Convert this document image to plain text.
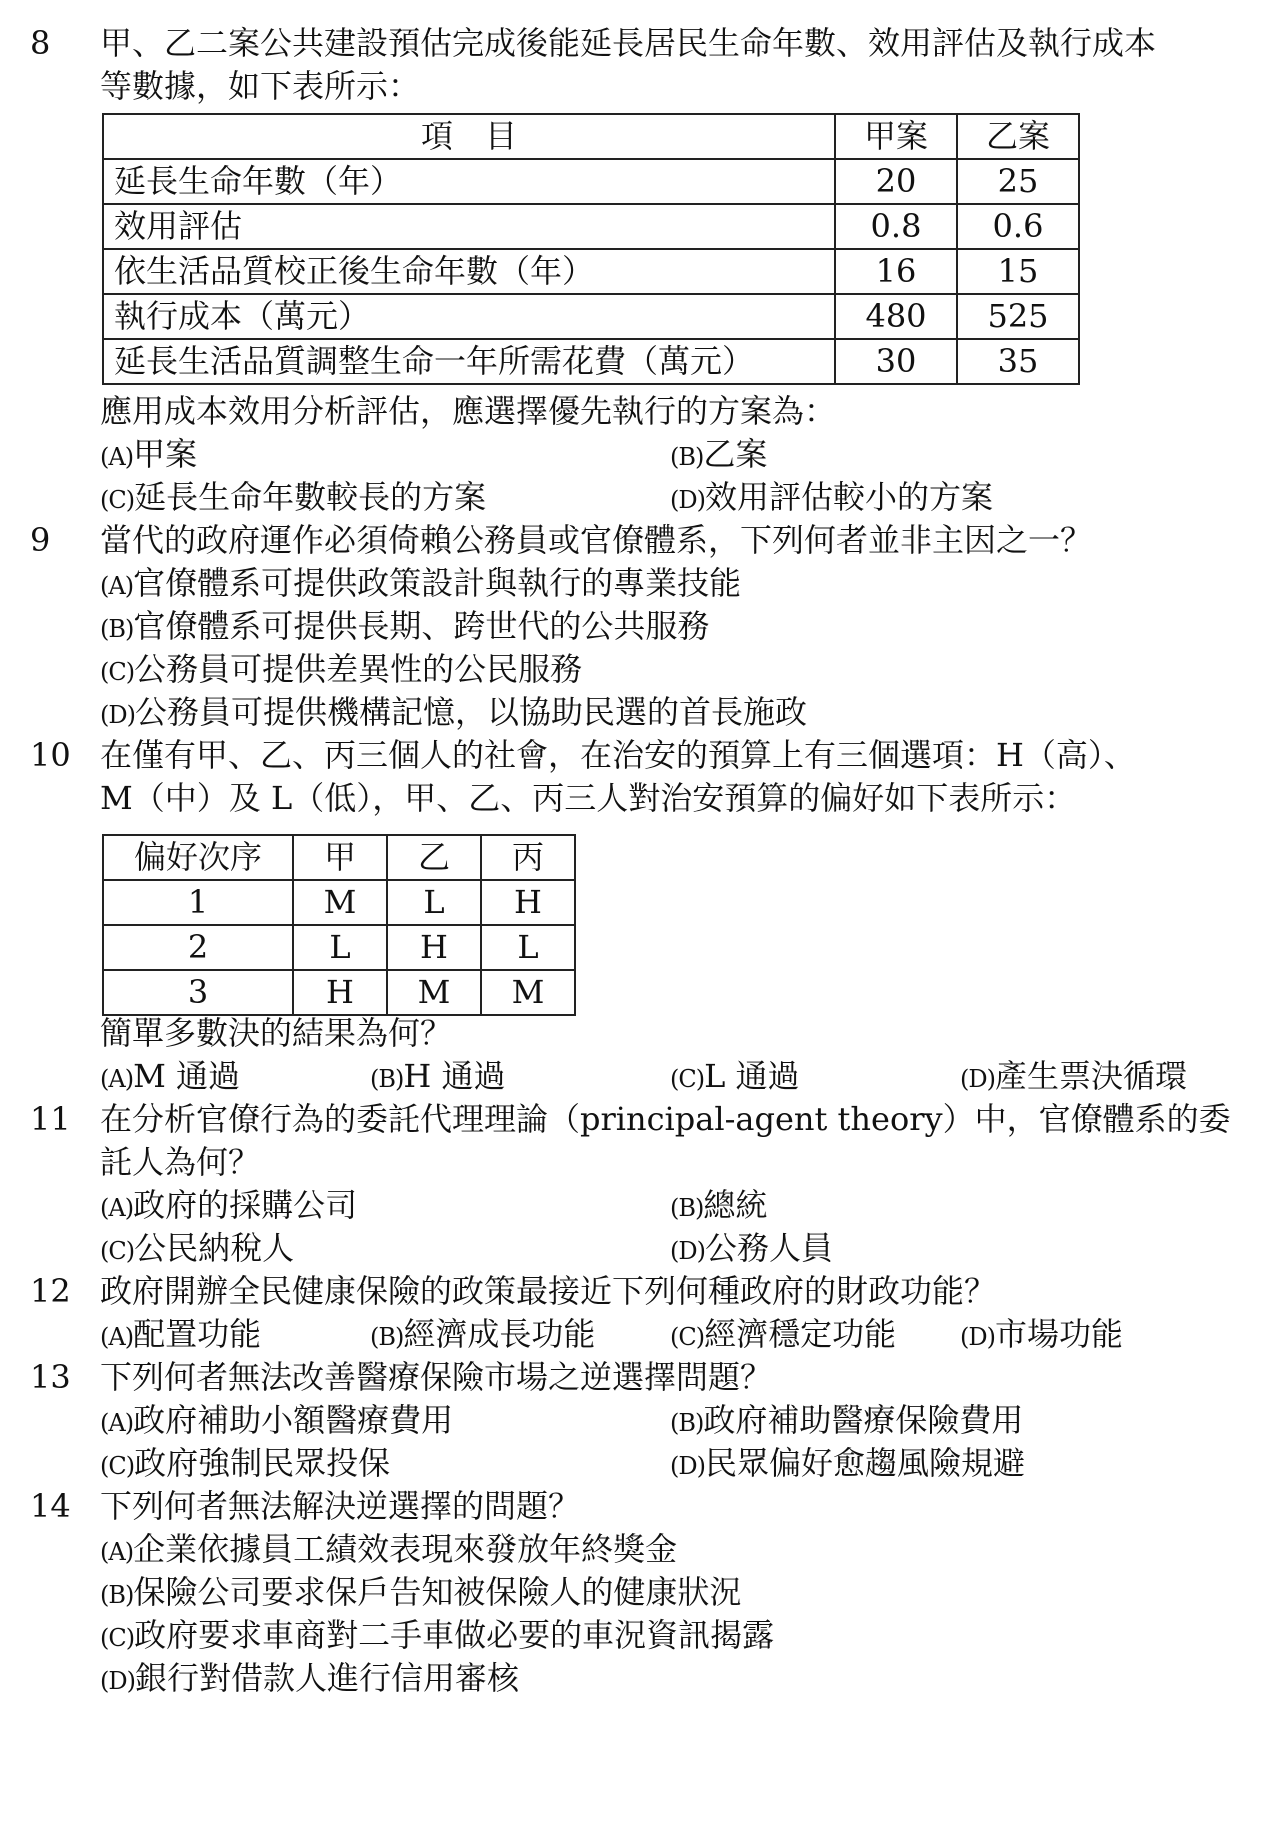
8	甲、乙二案公共建設預估完成後能延長居民生命年數、效用評估及執行成本
等數據，如下表所示：
項　目	甲案	乙案
延長生命年數（年）	20	25
效用評估	0.8	0.6
依生活品質校正後生命年數（年）	16	15
執行成本（萬元）	480	525
延長生活品質調整生命一年所需花費（萬元）	30	35
應用成本效用分析評估，應選擇優先執行的方案為：
(A)甲案	(B)乙案
(C)延長生命年數較長的方案	(D)效用評估較小的方案
9	當代的政府運作必須倚賴公務員或官僚體系，下列何者並非主因之一？
(A)官僚體系可提供政策設計與執行的專業技能
(B)官僚體系可提供長期、跨世代的公共服務
(C)公務員可提供差異性的公民服務
(D)公務員可提供機構記憶，以協助民選的首長施政
10 在僅有甲、乙、丙三個人的社會，在治安的預算上有三個選項：H（高）、
M（中）及 L（低），甲、乙、丙三人對治安預算的偏好如下表所示：
偏好次序	甲	乙	丙
1	M	L	H
2	L	H	L
3	H	M	M
簡單多數決的結果為何？
(A)M 通過	(B)H 通過	(C)L 通過	(D)產生票決循環
11 在分析官僚行為的委託代理理論（principal-agent theory）中，官僚體系的委
託人為何？
(A)政府的採購公司	(B)總統
(C)公民納稅人	(D)公務人員
12 政府開辦全民健康保險的政策最接近下列何種政府的財政功能？
(A)配置功能	(B)經濟成長功能	(C)經濟穩定功能	(D)市場功能
13 下列何者無法改善醫療保險市場之逆選擇問題？
(A)政府補助小額醫療費用	(B)政府補助醫療保險費用
(C)政府強制民眾投保	(D)民眾偏好愈趨風險規避
14 下列何者無法解決逆選擇的問題？
(A)企業依據員工績效表現來發放年終獎金
(B)保險公司要求保戶告知被保險人的健康狀況
(C)政府要求車商對二手車做必要的車況資訊揭露
(D)銀行對借款人進行信用審核
